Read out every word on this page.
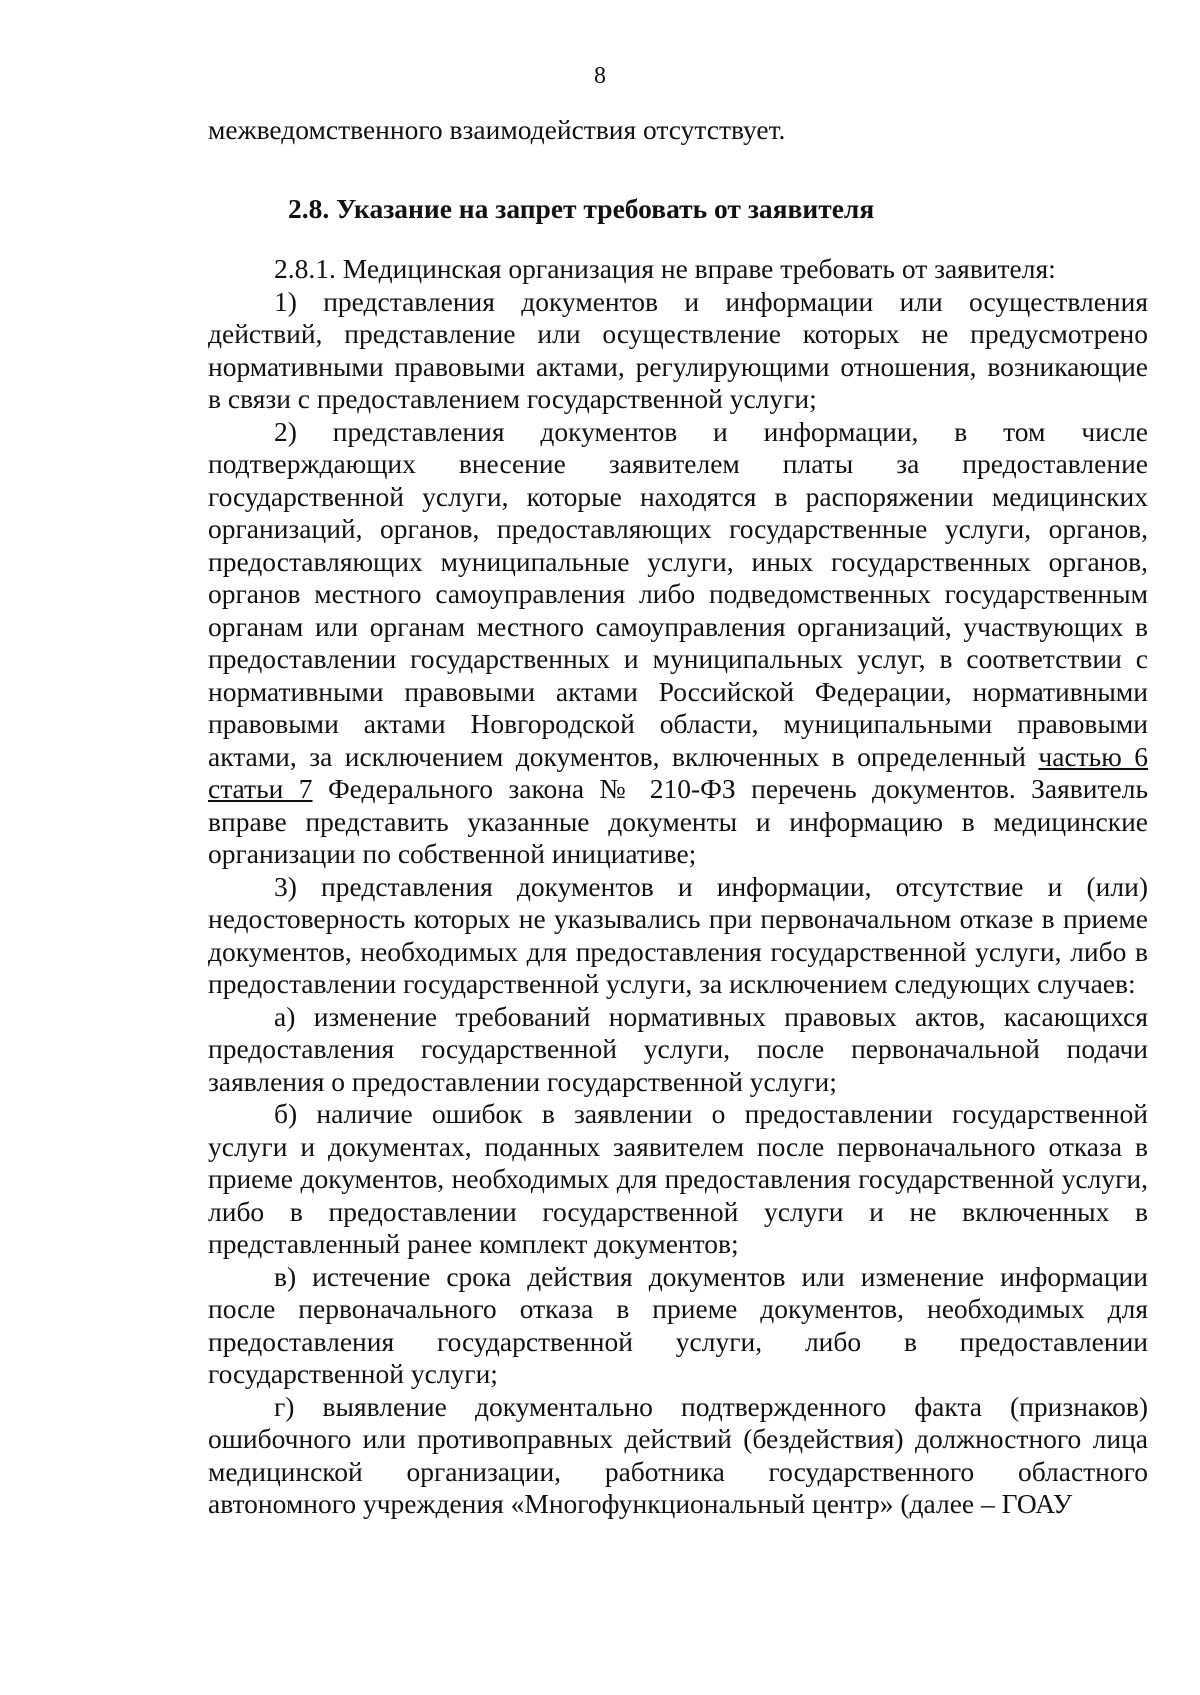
8

межведомственного взаимодействия отсутствует.

2.8. Указание на запрет требовать от заявителя

2.8.1. Медицинская организация не вправе требовать от заявителя:

1) представления документов и информации или осуществления действий, представление или осуществление которых не предусмотрено нормативными правовыми актами, регулирующими отношения, возникающие в связи с предоставлением государственной услуги;

2) представления документов и информации, в том числе подтверждающих внесение заявителем платы за предоставление государственной услуги, которые находятся в распоряжении медицинских организаций, органов, предоставляющих государственные услуги, органов, предоставляющих муниципальные услуги, иных государственных органов, органов местного самоуправления либо подведомственных государственным органам или органам местного самоуправления организаций, участвующих в предоставлении государственных и муниципальных услуг, в соответствии с нормативными правовыми актами Российской Федерации, нормативными правовыми актами Новгородской области, муниципальными правовыми актами, за исключением документов, включенных в определенный частью 6 статьи 7 Федерального закона № 210-ФЗ перечень документов. Заявитель вправе представить указанные документы и информацию в медицинские организации по собственной инициативе;

3) представления документов и информации, отсутствие и (или) недостоверность которых не указывались при первоначальном отказе в приеме документов, необходимых для предоставления государственной услуги, либо в предоставлении государственной услуги, за исключением следующих случаев:

а) изменение требований нормативных правовых актов, касающихся предоставления государственной услуги, после первоначальной подачи заявления о предоставлении государственной услуги;

б) наличие ошибок в заявлении о предоставлении государственной услуги и документах, поданных заявителем после первоначального отказа в приеме документов, необходимых для предоставления государственной услуги, либо в предоставлении государственной услуги и не включенных в представленный ранее комплект документов;

в) истечение срока действия документов или изменение информации после первоначального отказа в приеме документов, необходимых для предоставления государственной услуги, либо в предоставлении государственной услуги;

г) выявление документально подтвержденного факта (признаков) ошибочного или противоправных действий (бездействия) должностного лица медицинской организации, работника государственного областного автономного учреждения «Многофункциональный центр» (далее – ГОАУ
